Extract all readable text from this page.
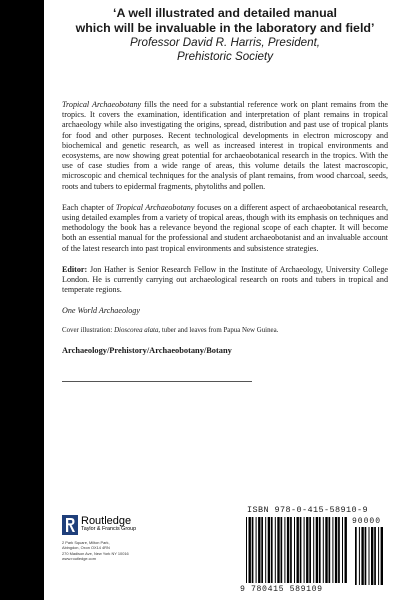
‘A well illustrated and detailed manual

which will be invaluable in the laboratory and field’

Professor David R. Harris, President,

Prehistoric Society

Tropical Archaeobotany fills the need for a substantial reference work on plant remains from the tropics. It covers the examination, identification and interpretation of plant remains in tropical archaeology while also investigating the origins, spread, distribution and past use of tropical plants for food and other purposes. Recent technological developments in electron microscopy and biochemical and genetic research, as well as increased interest in tropical environments and ecosystems, are now showing great potential for archaeobotanical research in the tropics. With the use of case studies from a wide range of areas, this volume details the latest macroscopic, microscopic and chemical techniques for the analysis of plant remains, from wood charcoal, seeds, roots and tubers to epidermal fragments, phytoliths and pollen.

Each chapter of Tropical Archaeobotany focuses on a different aspect of archaeobotanical research, using detailed examples from a variety of tropical areas, though with its emphasis on techniques and methodology the book has a relevance beyond the regional scope of each chapter. It will become both an essential manual for the professional and student archaeobotanist and an invaluable account of the latest research into past tropical environments and subsistence strategies.

Editor: Jon Hather is Senior Research Fellow in the Institute of Archaeology, University College London. He is currently carrying out archaeological research on roots and tubers in tropical and temperate regions.

One World Archaeology

Cover illustration: Dioscorea alata, tuber and leaves from Papua New Guinea.

Archaeology/Prehistory/Archaeobotany/Botany

Routledge
Taylor & Francis Group
2 Park Square, Milton Park,
Abingdon, Oxon OX14 4RN
270 Madison Ave, New York NY 10016
www.routledge.com
ISBN 978-0-415-58910-9
9 780415 589109
90000
